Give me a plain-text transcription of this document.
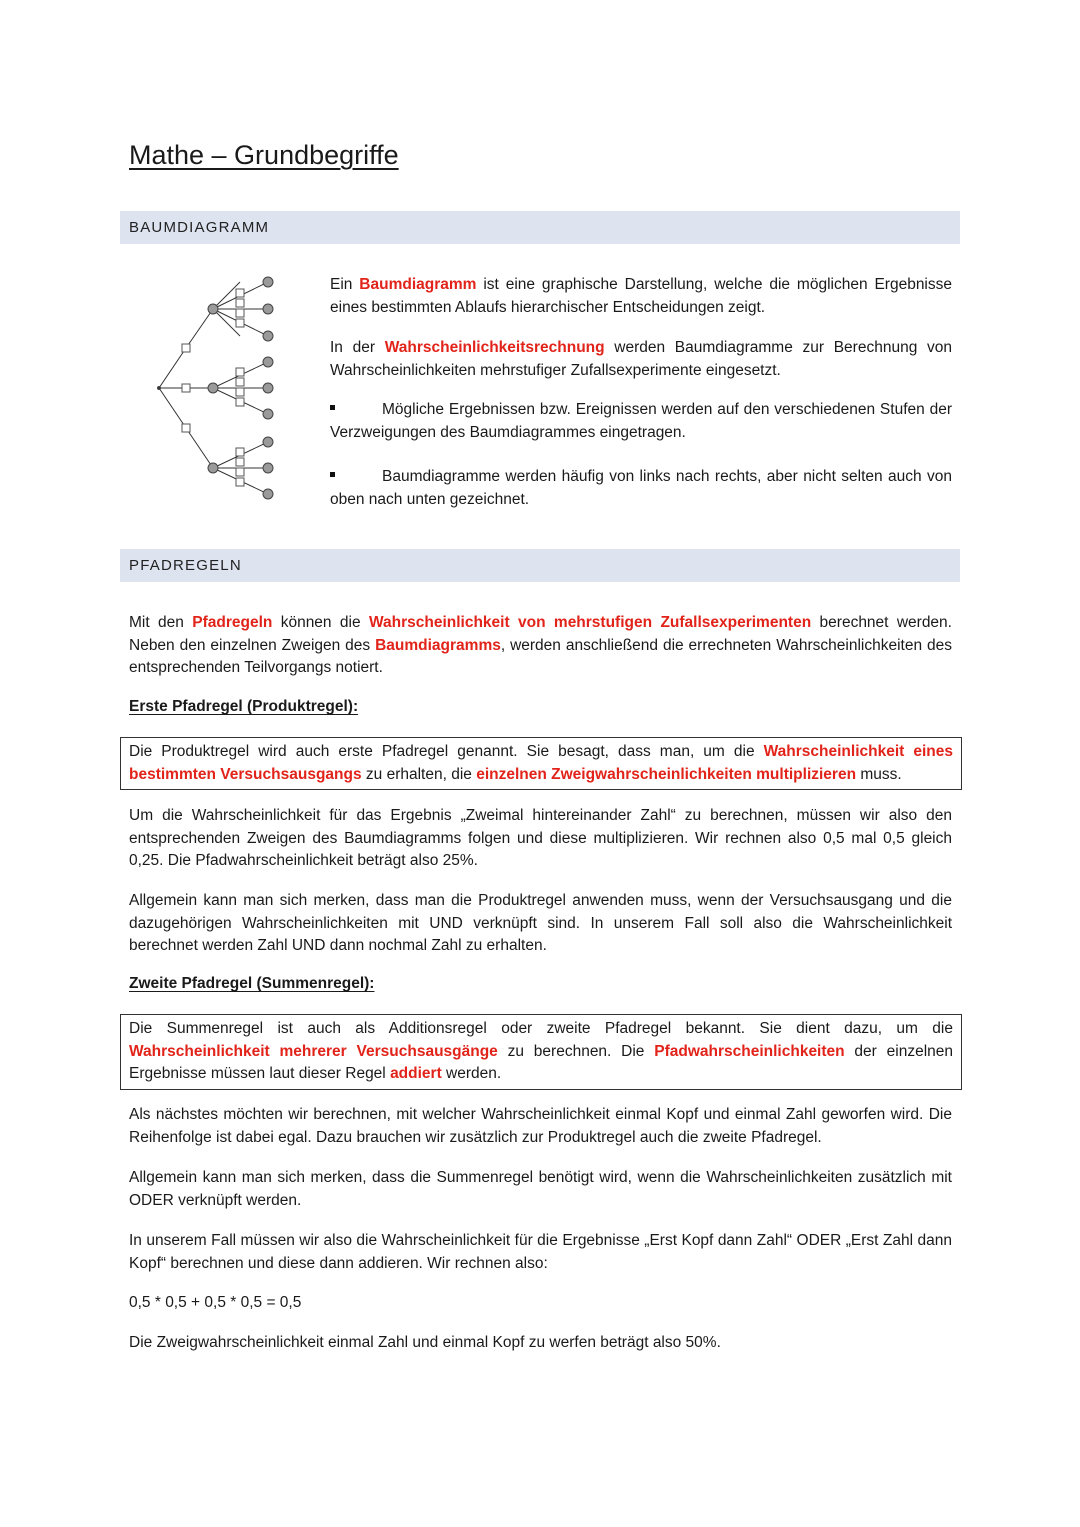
Mathe – Grundbegriffe
BAUMDIAGRAMM

Ein Baumdiagramm ist eine graphische Darstellung, welche die möglichen Ergebnisse eines bestimmten Ablaufs hierarchischer Entscheidungen zeigt.

In der Wahrscheinlichkeitsrechnung werden Baumdiagramme zur Berechnung von Wahrscheinlichkeiten mehrstufiger Zufallsexperimente eingesetzt.

Mögliche Ergebnissen bzw. Ereignissen werden auf den verschiedenen Stufen der Verzweigungen des Baumdiagrammes eingetragen.

Baumdiagramme werden häufig von links nach rechts, aber nicht selten auch von oben nach unten gezeichnet.

PFADREGELN

Mit den Pfadregeln können die Wahrscheinlichkeit von mehrstufigen Zufallsexperimenten berechnet werden. Neben den einzelnen Zweigen des Baumdiagramms, werden anschließend die errechneten Wahrscheinlichkeiten des entsprechenden Teilvorgangs notiert.

Erste Pfadregel (Produktregel):
Die Produktregel wird auch erste Pfadregel genannt. Sie besagt, dass man, um die Wahrscheinlichkeit eines bestimmten Versuchsausgangs zu erhalten, die einzelnen Zweigwahrscheinlichkeiten multiplizieren muss.

Um die Wahrscheinlichkeit für das Ergebnis „Zweimal hintereinander Zahl“ zu berechnen, müssen wir also den entsprechenden Zweigen des Baumdiagramms folgen und diese multiplizieren. Wir rechnen also 0,5 mal 0,5 gleich 0,25. Die Pfadwahrscheinlichkeit beträgt also 25%.

Allgemein kann man sich merken, dass man die Produktregel anwenden muss, wenn der Versuchsausgang und die dazugehörigen Wahrscheinlichkeiten mit UND verknüpft sind. In unserem Fall soll also die Wahrscheinlichkeit berechnet werden Zahl UND dann nochmal Zahl zu erhalten.

Zweite Pfadregel (Summenregel):
Die Summenregel ist auch als Additionsregel oder zweite Pfadregel bekannt. Sie dient dazu, um die Wahrscheinlichkeit mehrerer Versuchsausgänge zu berechnen. Die Pfadwahrscheinlichkeiten der einzelnen Ergebnisse müssen laut dieser Regel addiert werden.

Als nächstes möchten wir berechnen, mit welcher Wahrscheinlichkeit einmal Kopf und einmal Zahl geworfen wird. Die Reihenfolge ist dabei egal. Dazu brauchen wir zusätzlich zur Produktregel auch die zweite Pfadregel.

Allgemein kann man sich merken, dass die Summenregel benötigt wird, wenn die Wahrscheinlichkeiten zusätzlich mit ODER verknüpft werden.

In unserem Fall müssen wir also die Wahrscheinlichkeit für die Ergebnisse „Erst Kopf dann Zahl“ ODER „Erst Zahl dann Kopf“ berechnen und diese dann addieren. Wir rechnen also:

0,5 * 0,5 + 0,5 * 0,5 = 0,5

Die Zweigwahrscheinlichkeit einmal Zahl und einmal Kopf zu werfen beträgt also 50%.
